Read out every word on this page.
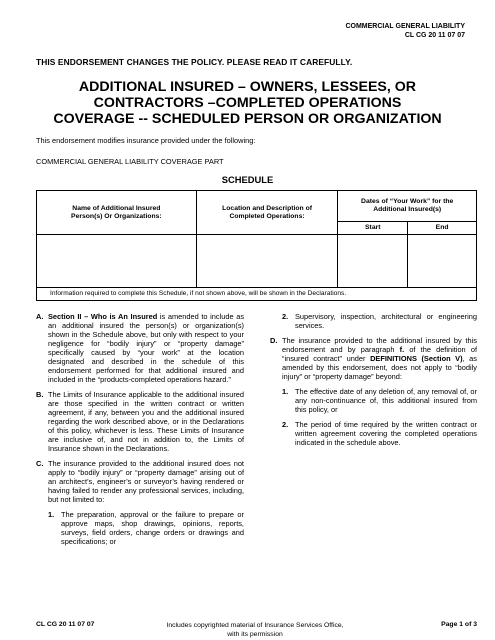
COMMERCIAL GENERAL LIABILITY
CL CG 20 11 07 07
THIS ENDORSEMENT CHANGES THE POLICY. PLEASE READ IT CAREFULLY.
ADDITIONAL INSURED – OWNERS, LESSEES, OR
CONTRACTORS –COMPLETED OPERATIONS
COVERAGE -- SCHEDULED PERSON OR ORGANIZATION
This endorsement modifies insurance provided under the following:
COMMERCIAL GENERAL LIABILITY COVERAGE PART
SCHEDULE
Name of Additional Insured Person(s) Or Organizations:	Location and Description of Completed Operations:	Dates of “Your Work” for the Additional Insured(s)	
		Start	End

Information required to complete this Schedule, if not shown above, will be shown in the Declarations.
A. Section II – Who is An Insured is amended to include as an additional insured the person(s) or organization(s) shown in the Schedule above, but only with respect to your negligence for “bodily injury” or “property damage” specifically caused by “your work” at the location designated and described in the schedule of this endorsement performed for that additional insured and included in the “products-completed operations hazard.”
B. The Limits of Insurance applicable to the additional insured are those specified in the written contract or written agreement, if any, between you and the additional insured regarding the work described above, or in the Declarations of this policy, whichever is less. These Limits of Insurance are inclusive of, and not in addition to, the Limits of Insurance shown in the Declarations.
C. The insurance provided to the additional insured does not apply to “bodily injury” or “property damage” arising out of an architect’s, engineer’s or surveyor’s having rendered or having failed to render any professional services, including, but not limited to:

1. The preparation, approval or the failure to prepare or approve maps, shop drawings, opinions, reports, surveys, field orders, change orders or drawings and specifications; or
2. Supervisory, inspection, architectural or engineering services.
D. The insurance provided to the additional insured by this endorsement and by paragraph f. of the definition of “insured contract” under DEFINITIONS (Section V), as amended by this endorsement, does not apply to “bodily injury” or “property damage” beyond:

1. The effective date of any deletion of, any removal of, or any non-continuance of, this additional insured from this policy, or
2. The period of time required by the written contract or written agreement covering the completed operations indicated in the schedule above.
CL CG 20 11 07 07	Includes copyrighted material of Insurance Services Office,
with its permission
Page 1 of 3
